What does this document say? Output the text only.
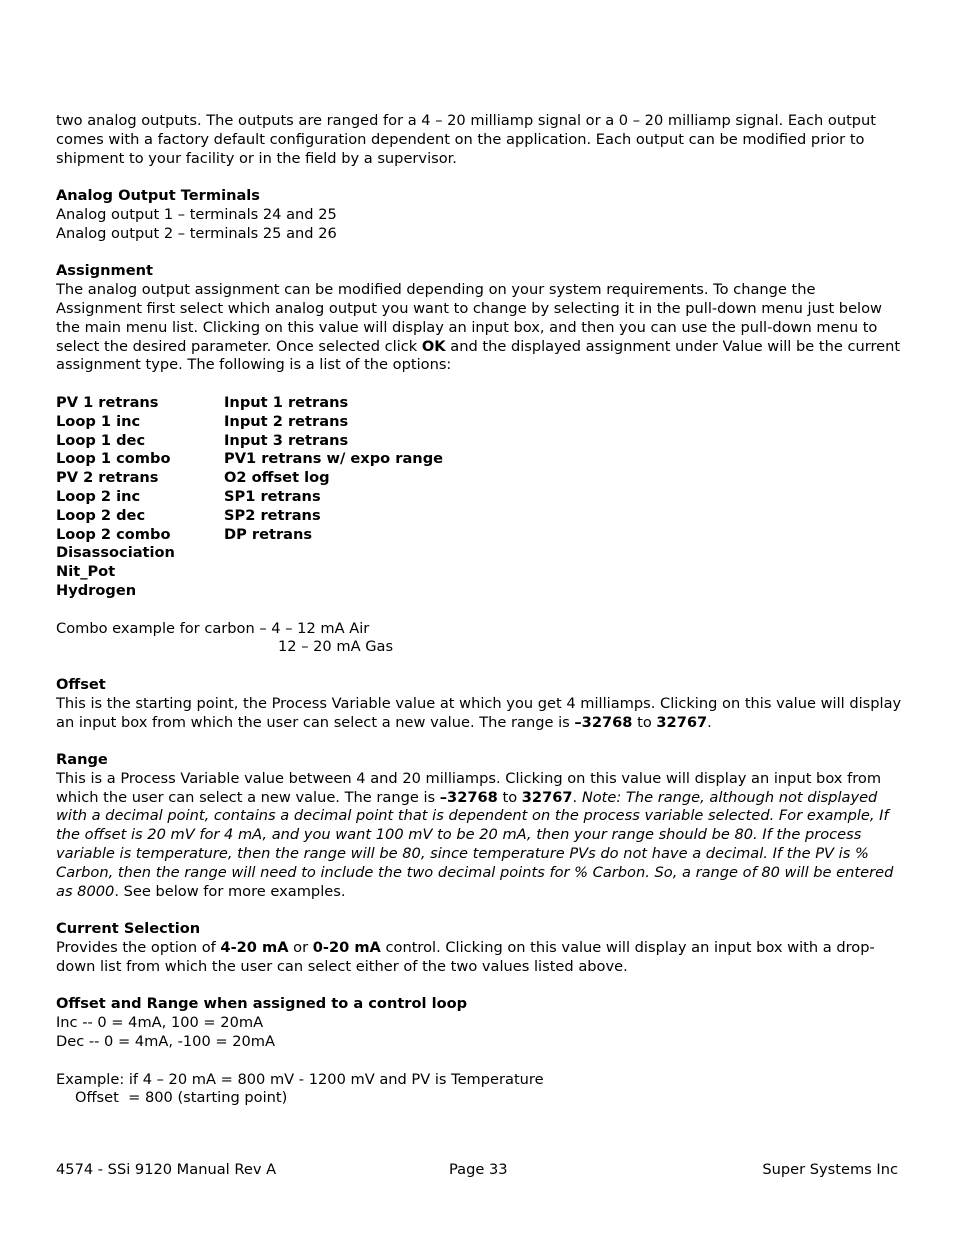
two analog outputs. The outputs are ranged for a 4 – 20 milliamp signal or a 0 – 20 milliamp signal. Each output comes with a factory default configuration dependent on the application. Each output can be modified prior to shipment to your facility or in the field by a supervisor.

Analog Output Terminals

Analog output 1 – terminals 24 and 25

Analog output 2 – terminals 25 and 26

Assignment

The analog output assignment can be modified depending on your system requirements. To change the Assignment first select which analog output you want to change by selecting it in the pull-down menu just below the main menu list. Clicking on this value will display an input box, and then you can use the pull-down menu to select the desired parameter. Once selected click OK and the displayed assignment under Value will be the current assignment type. The following is a list of the options:

PV 1 retrans
Loop 1 inc
Loop 1 dec
Loop 1 combo
PV 2 retrans
Loop 2 inc
Loop 2 dec
Loop 2 combo
Disassociation
Nit_Pot
Hydrogen
Input 1 retrans
Input 2 retrans
Input 3 retrans
PV1 retrans w/ expo range
O2 offset log
SP1 retrans
SP2 retrans
DP retrans

Combo example for carbon – 4 – 12 mA Air

12 – 20 mA Gas

Offset

This is the starting point, the Process Variable value at which you get 4 milliamps. Clicking on this value will display an input box from which the user can select a new value. The range is –32768 to 32767.

Range

This is a Process Variable value between 4 and 20 milliamps. Clicking on this value will display an input box from which the user can select a new value. The range is –32768 to 32767. Note: The range, although not displayed with a decimal point, contains a decimal point that is dependent on the process variable selected. For example, If the offset is 20 mV for 4 mA, and you want 100 mV to be 20 mA, then your range should be 80. If the process variable is temperature, then the range will be 80, since temperature PVs do not have a decimal. If the PV is % Carbon, then the range will need to include the two decimal points for % Carbon. So, a range of 80 will be entered as 8000. See below for more examples.

Current Selection

Provides the option of 4-20 mA or 0-20 mA control. Clicking on this value will display an input box with a drop-down list from which the user can select either of the two values listed above.

Offset and Range when assigned to a control loop

Inc -- 0 = 4mA, 100 = 20mA

Dec -- 0 = 4mA, -100 = 20mA

Example: if 4 – 20 mA = 800 mV - 1200 mV and PV is Temperature

Offset  = 800 (starting point)

4574 - SSi 9120 Manual Rev A	Page 33	Super Systems Inc
